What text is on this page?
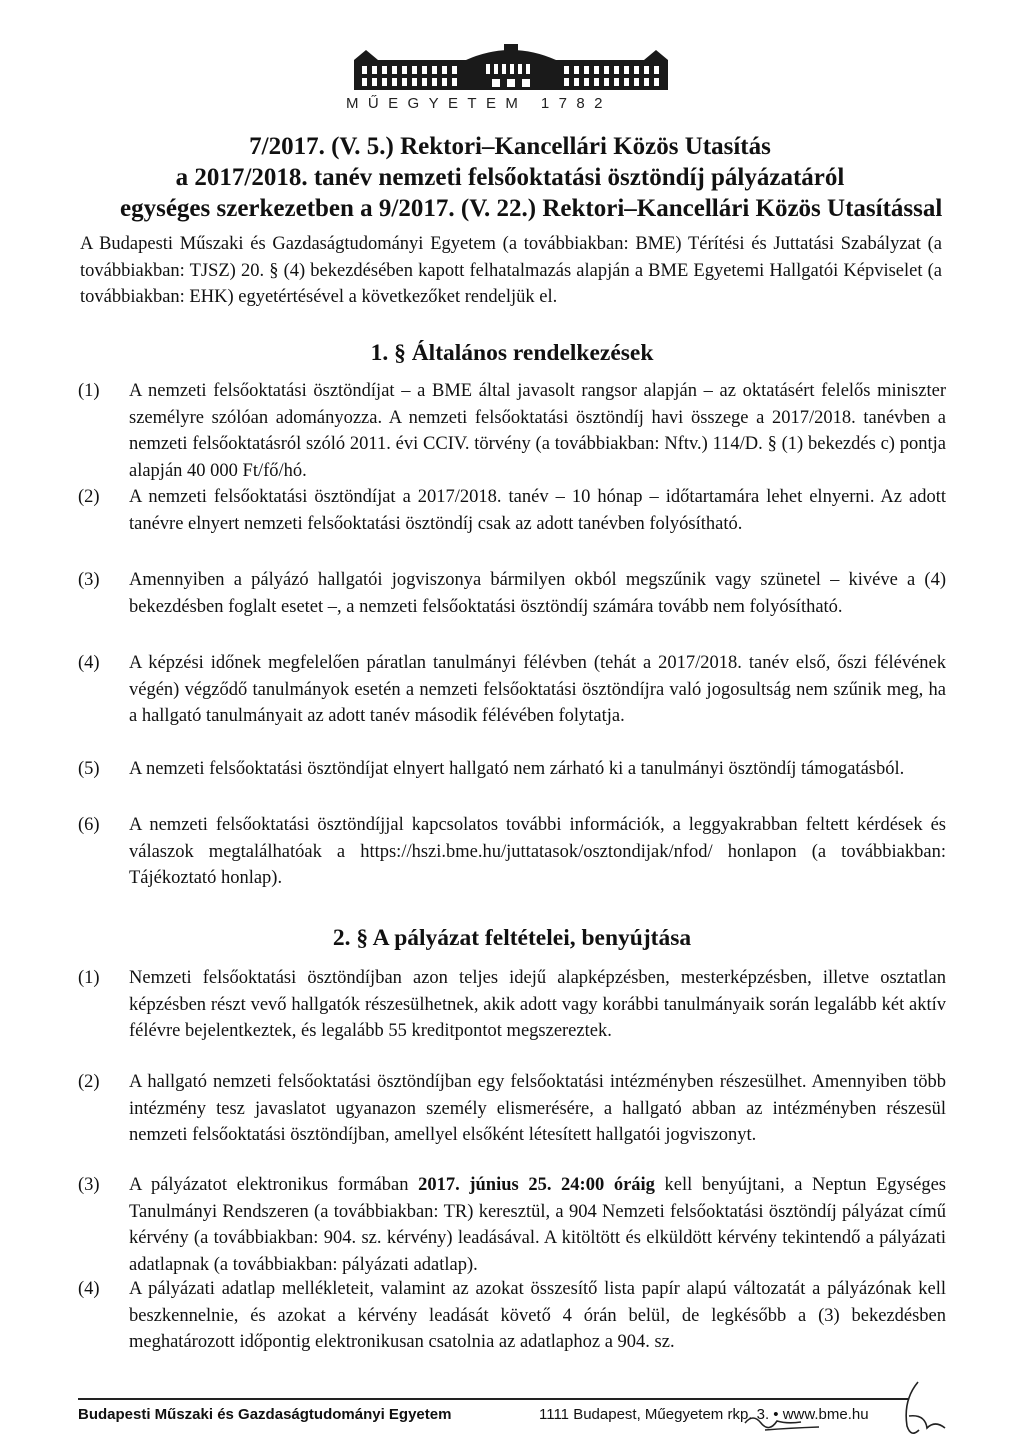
MŰEGYETEM 1782
7/2017. (V. 5.) Rektori–Kancellári Közös Utasítás
a 2017/2018. tanév nemzeti felsőoktatási ösztöndíj pályázatáról
egységes szerkezetben a 9/2017. (V. 22.) Rektori–Kancellári Közös Utasítással
A Budapesti Műszaki és Gazdaságtudományi Egyetem (a továbbiakban: BME) Térítési és Juttatási Szabályzat (a továbbiakban: TJSZ) 20. § (4) bekezdésében kapott felhatalmazás alapján a BME Egyetemi Hallgatói Képviselet (a továbbiakban: EHK) egyetértésével a következőket rendeljük el.
1. § Általános rendelkezések
(1) A nemzeti felsőoktatási ösztöndíjat – a BME által javasolt rangsor alapján – az oktatásért felelős miniszter személyre szólóan adományozza. A nemzeti felsőoktatási ösztöndíj havi összege a 2017/2018. tanévben a nemzeti felsőoktatásról szóló 2011. évi CCIV. törvény (a továbbiakban: Nftv.) 114/D. § (1) bekezdés c) pontja alapján 40 000 Ft/fő/hó.
(2) A nemzeti felsőoktatási ösztöndíjat a 2017/2018. tanév – 10 hónap – időtartamára lehet elnyerni. Az adott tanévre elnyert nemzeti felsőoktatási ösztöndíj csak az adott tanévben folyósítható.
(3) Amennyiben a pályázó hallgatói jogviszonya bármilyen okból megszűnik vagy szünetel – kivéve a (4) bekezdésben foglalt esetet –, a nemzeti felsőoktatási ösztöndíj számára tovább nem folyósítható.
(4) A képzési időnek megfelelően páratlan tanulmányi félévben (tehát a 2017/2018. tanév első, őszi félévének végén) végződő tanulmányok esetén a nemzeti felsőoktatási ösztöndíjra való jogosultság nem szűnik meg, ha a hallgató tanulmányait az adott tanév második félévében folytatja.
(5) A nemzeti felsőoktatási ösztöndíjat elnyert hallgató nem zárható ki a tanulmányi ösztöndíj támogatásból.
(6) A nemzeti felsőoktatási ösztöndíjjal kapcsolatos további információk, a leggyakrabban feltett kérdések és válaszok megtalálhatóak a https://hszi.bme.hu/juttatasok/osztondijak/nfod/ honlapon (a továbbiakban: Tájékoztató honlap).
2. § A pályázat feltételei, benyújtása
(1) Nemzeti felsőoktatási ösztöndíjban azon teljes idejű alapképzésben, mesterképzésben, illetve osztatlan képzésben részt vevő hallgatók részesülhetnek, akik adott vagy korábbi tanulmányaik során legalább két aktív félévre bejelentkeztek, és legalább 55 kreditpontot megszereztek.
(2) A hallgató nemzeti felsőoktatási ösztöndíjban egy felsőoktatási intézményben részesülhet. Amennyiben több intézmény tesz javaslatot ugyanazon személy elismerésére, a hallgató abban az intézményben részesül nemzeti felsőoktatási ösztöndíjban, amellyel elsőként létesített hallgatói jogviszonyt.
(3) A pályázatot elektronikus formában 2017. június 25. 24:00 óráig kell benyújtani, a Neptun Egységes Tanulmányi Rendszeren (a továbbiakban: TR) keresztül, a 904 Nemzeti felsőoktatási ösztöndíj pályázat című kérvény (a továbbiakban: 904. sz. kérvény) leadásával. A kitöltött és elküldött kérvény tekintendő a pályázati adatlapnak (a továbbiakban: pályázati adatlap).
(4) A pályázati adatlap mellékleteit, valamint az azokat összesítő lista papír alapú változatát a pályázónak kell beszkennelnie, és azokat a kérvény leadását követő 4 órán belül, de legkésőbb a (3) bekezdésben meghatározott időpontig elektronikusan csatolnia az adatlaphoz a 904. sz.
Budapesti Műszaki és Gazdaságtudományi Egyetem	1111 Budapest, Műegyetem rkp. 3. • www.bme.hu
